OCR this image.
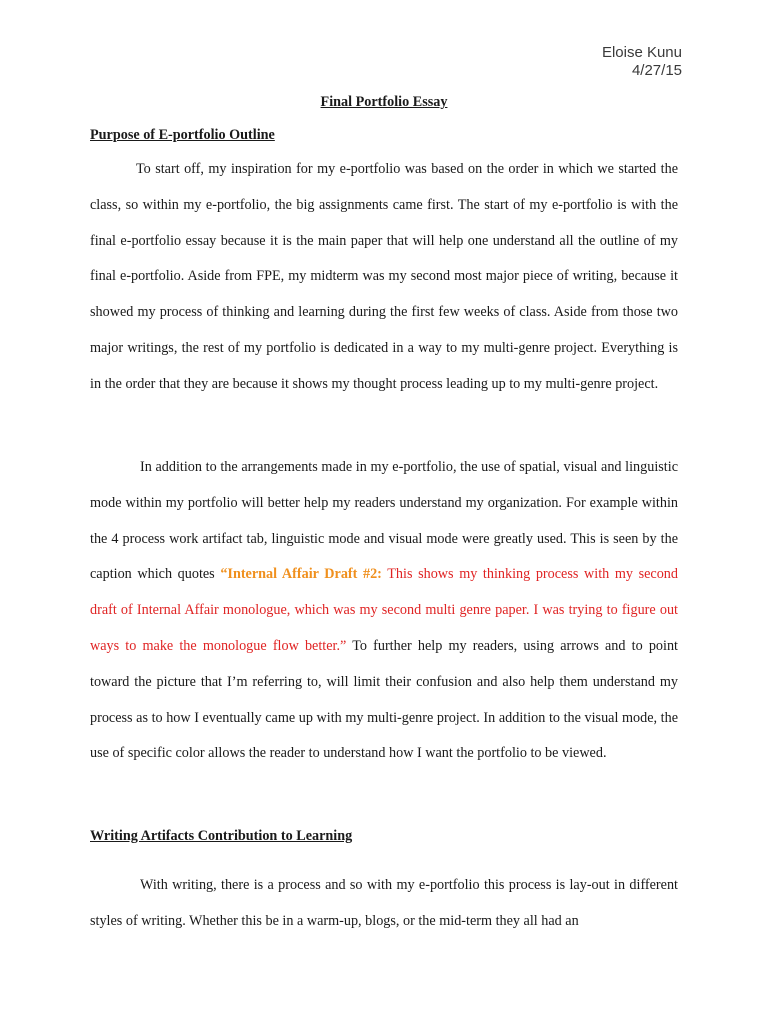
Eloise Kunu
4/27/15
Final Portfolio Essay
Purpose of E-portfolio Outline
To start off, my inspiration for my e-portfolio was based on the order in which we started the class, so within my e-portfolio, the big assignments came first. The start of my e-portfolio is with the final e-portfolio essay because it is the main paper that will help one understand all the outline of my final e-portfolio. Aside from FPE, my midterm was my second most major piece of writing, because it showed my process of thinking and learning during the first few weeks of class. Aside from those two major writings, the rest of my portfolio is dedicated in a way to my multi-genre project. Everything is in the order that they are because it shows my thought process leading up to my multi-genre project.
In addition to the arrangements made in my e-portfolio, the use of spatial, visual and linguistic mode within my portfolio will better help my readers understand my organization. For example within the 4 process work artifact tab, linguistic mode and visual mode were greatly used. This is seen by the caption which quotes “Internal Affair Draft #2: This shows my thinking process with my second draft of Internal Affair monologue, which was my second multi genre paper. I was trying to figure out ways to make the monologue flow better.” To further help my readers, using arrows and to point toward the picture that I’m referring to, will limit their confusion and also help them understand my process as to how I eventually came up with my multi-genre project. In addition to the visual mode, the use of specific color allows the reader to understand how I want the portfolio to be viewed.
Writing Artifacts Contribution to Learning
With writing, there is a process and so with my e-portfolio this process is lay-out in different styles of writing. Whether this be in a warm-up, blogs, or the mid-term they all had an
